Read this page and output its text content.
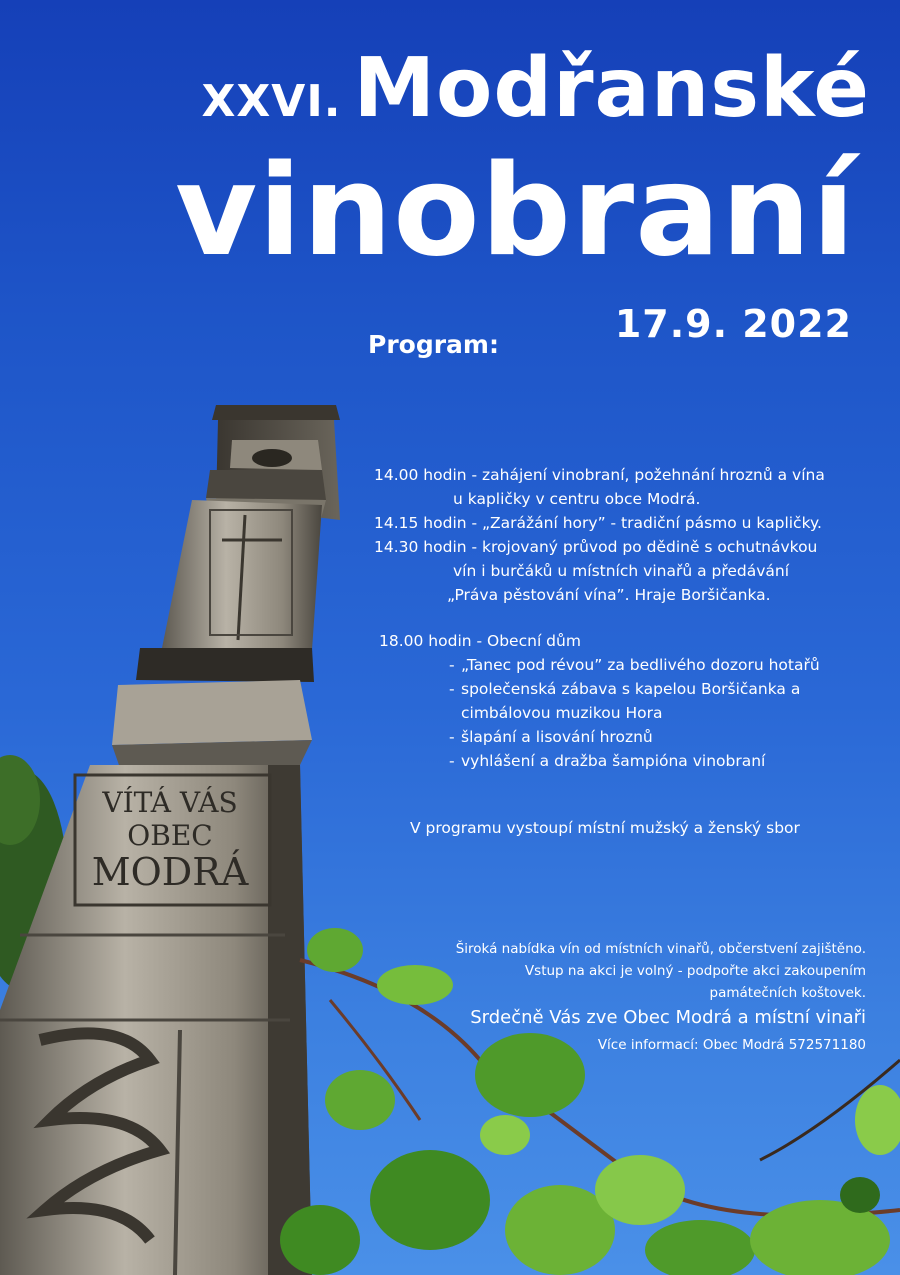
VÍTÁ VÁS
OBEC
MODRÁ
XXVI. Modřanské
vinobraní
17.9. 2022
Program:
14.00 hodin - zahájení vinobraní, požehnání hroznů a vína
u kapličky v centru obce Modrá.
14.15 hodin - „Zarážání hory” - tradiční pásmo u kapličky.
14.30 hodin - krojovaný průvod po dědině s ochutnávkou
vín i burčáků u místních vinařů a předávání
„Práva pěstování vína”. Hraje Boršičanka.
18.00 hodin - Obecní dům
- „Tanec pod révou” za bedlivého dozoru hotařů
- společenská zábava s kapelou Boršičanka a
cimbálovou muzikou Hora
- šlapání a lisování hroznů
- vyhlášení a dražba šampióna vinobraní
V programu vystoupí místní mužský a ženský sbor
Široká nabídka vín od místních vinařů, občerstvení zajištěno.
Vstup na akci je volný - podpořte akci zakoupením
památečních koštovek.
Srdečně Vás zve Obec Modrá a místní vinaři
Více informací: Obec Modrá 572571180
